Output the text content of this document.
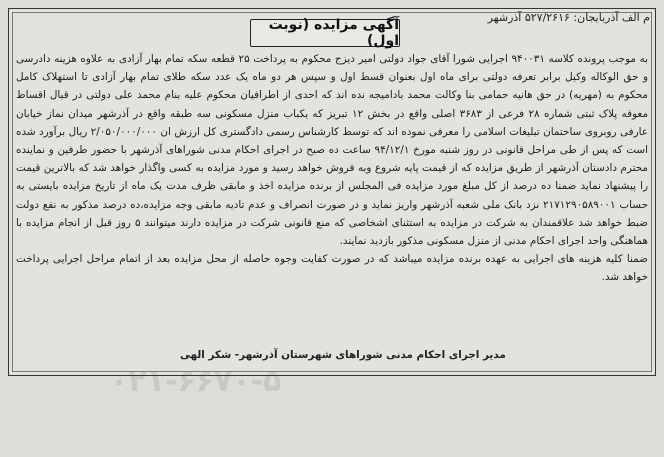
م الف آذربایجان: ۵۲۷/۲۶۱۶ آذرشهر
آگهی مزایده (نوبت اول)

به موجب پرونده کلاسه ۹۴۰۰۳۱ اجرایی شورا آقای جواد دولتی امیر دیزج محکوم به پرداخت ۲۵ قطعه سکه تمام بهار آزادی به علاوه هزینه دادرسی و حق الوکاله وکیل برابر تعرفه دولتی برای ماه اول بعنوان قسط اول و سپس هر دو ماه یک عدد سکه طلای تمام بهار آزادی تا استهلاک کامل محکوم به (مهریه) در حق هانیه حمامی بنا وکالت محمد باداميجه نده اند که احدی از اطرافيان محکوم علیه بنام محمد علی دولتی در قبال اقساط معوقه پلاک ثبتی شماره ۲۸ فرعی از ۳۶۸۳ اصلی واقع در بخش ۱۲ تبریز که یکباب منزل مسکونی سه طبقه واقع در آذرشهر میدان نماز خیابان عارفی روبروی ساختمان تبلیغات اسلامی را معرفی نموده اند که توسط کارشناس رسمی دادگستری کل ارزش ان ۲/۰۵۰/۰۰۰/۰۰۰ ریال برآورد شده است که پس از طی مراحل قانونی در روز شنبه مورخ ۹۴/۱۲/۱ ساعت ده صبح در اجرای احکام مدنی شوراهای آذرشهر با حضور طرفین و نماینده محترم دادستان آذرشهر از طریق مزایده که از قیمت پایه شروع وبه فروش خواهد رسید و مورد مزایده به کسی واگذار خواهد شد که بالاترین قیمت را پیشنهاد نماید ضمنا ده درصد از کل مبلغ مورد مزایده فی المجلس از برنده مزایده اخذ و مابقی ظرف مدت یک ماه از تاریخ مزایده بایستی به حساب ۲۱۷۱۲۹۰۵۸۹۰۰۱ نزد بانک ملی شعبه آذرشهر واریز نماید و در صورت انصراف و عدم تادیه مابقی وجه مزایده،ده درصد مذکور به نفع دولت ضبط خواهد شد علاقمندان به شرکت در مزایده به استثنای اشخاصی که منع قانونی شرکت در مزایده دارند میتوانند ۵ روز قبل از انجام مزایده با هماهنگی واحد اجرای احکام مدنی از منزل مسکونی مذکور بازدید نمایند.

ضمنا کلیه هزینه های اجرایی به عهده برنده مزایده میباشد که در صورت کفایت وجوه حاصله از محل مزایده بعد از اتمام مراحل اجرایی پرداخت خواهد شد.

مدیر اجرای احکام مدنی شوراهای شهرستان آذرشهر- شکر الهی
۰۲۱-۶۶۷۰-۵
